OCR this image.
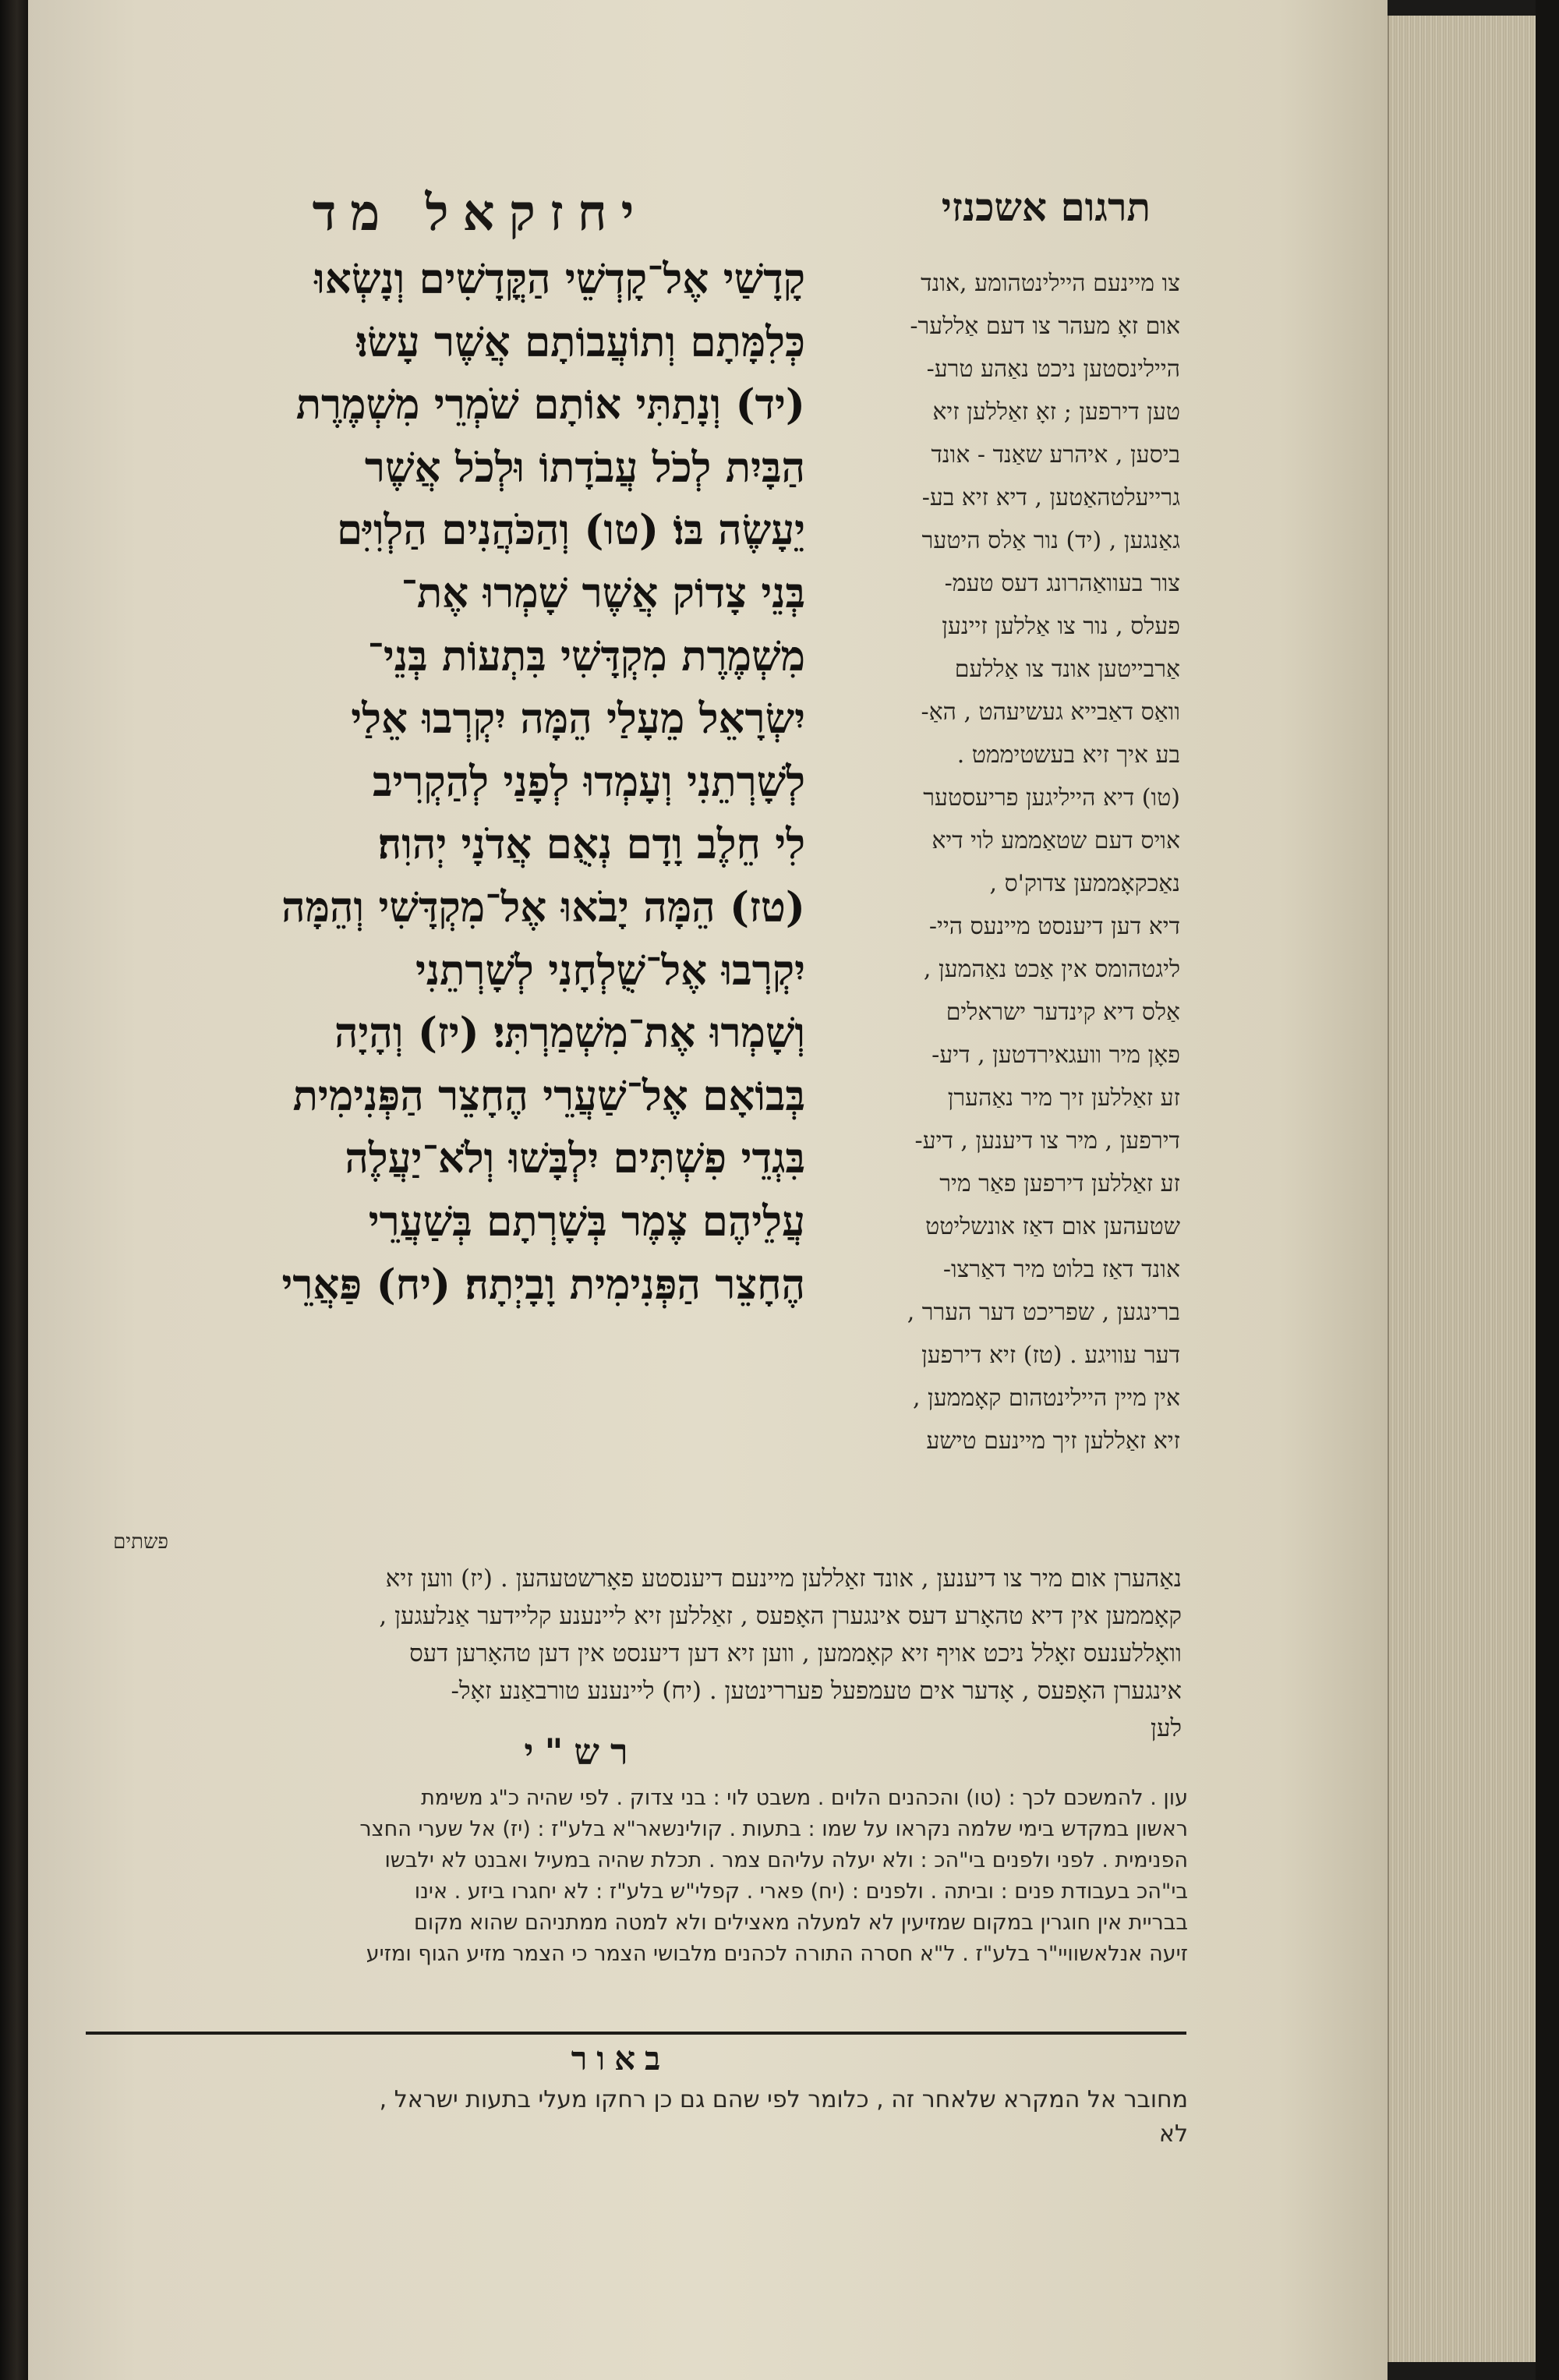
תרגום אשכנזי
יחזקאל מד
קָדָשַׁי אֶל־קָדְשֵׁי הַקֳּדָשִׁים וְנָשְׂאוּ
כְּלִמָּתָם וְתוֹעֲבוֹתָם אֲשֶׁר עָשׂוּ׃
(יד) וְנָתַתִּי אוֹתָם שֹׁמְרֵי מִשְׁמֶרֶת
הַבָּיִת לְכֹל עֲבֹדָתוֹ וּלְכֹל אֲשֶׁר
יֵעָשֶׂה בּוֹ׃ (טו) וְהַכֹּהֲנִים הַלְוִיִּם
בְּנֵי צָדוֹק אֲשֶׁר שָׁמְרוּ אֶת־
מִשְׁמֶרֶת מִקְדָּשִׁי בִּתְעוֹת בְּנֵי־
יִשְׂרָאֵל מֵעָלַי הֵמָּה יִקְרְבוּ אֵלַי
לְשָׁרְתֵנִי וְעָמְדוּ לְפָנַי לְהַקְרִיב
לִי חֵלֶב וָדָם נְאֻם אֲדֹנָי יְהוִה׃
(טז) הֵמָּה יָבֹאוּ אֶל־מִקְדָּשִׁי וְהֵמָּה
יִקְרְבוּ אֶל־שֻׁלְחָנִי לְשָׁרְתֵנִי
וְשָׁמְרוּ אֶת־מִשְׁמַרְתִּי׃ (יז) וְהָיָה
בְּבוֹאָם אֶל־שַׁעֲרֵי הֶחָצֵר הַפְּנִימִית
בִּגְדֵי פִשְׁתִּים יִלְבָּשׁוּ וְלֹא־יַעֲלֶה
עֲלֵיהֶם צֶמֶר בְּשָׁרְתָם בְּשַׁעֲרֵי
הֶחָצֵר הַפְּנִימִית וָבָיְתָה׃ (יח) פַּאֲרֵי
צו מיינעם היילינטהומע ,אונד
אום זאָ מעהר צו דעם אַללער-
היילינסטען ניכט נאַהע טרע-
טען דירפען ; זאָ זאַללען זיא
ביסען , איהרע שאַנד - אונד
גרייעלטהאַטען , דיא זיא בע-
גאַנגען , (יד) נור אַלס היטער
צור בעוואַהרונג דעס טעמ-
פעלס , נור צו אַללען זיינען
אַרבייטען אונד צו אַללעם
וואַס דאַבייא געשיעהט , האַ-
בע איך זיא בעשטיממט .
(טו) דיא הייליגען פריעסטער
אויס דעם שטאַממע לוי דיא
נאַכקאָממען צדוק'ס ,
דיא דען דיענסט מיינעס היי-
ליגטהומס אין אַכט נאַהמען ,
אַלס דיא קינדער ישראלים
פאָן מיר וועגאירדטען , דיע-
זע זאַללען זיך מיר נאַהערן
דירפען , מיר צו דיענען , דיע-
זע זאַללען דירפען פאַר מיר
שטעהען אום דאַז אונשליטט
אונד דאַז בלוט מיר דאַרצו-
ברינגען , שפריכט דער הערר ,
דער עוויגע . (טז) זיא דירפען
אין מיין היילינטהום קאָממען ,
זיא זאַללען זיך מיינעם טישע
פשתים
נאַהערן אום מיר צו דיענען , אונד זאַללען מיינעם דיענסטע פאָרשטעהען . (יז) ווען זיא
קאָממען אין דיא טהאָרע דעס אינגערן האָפעס , זאַללען זיא ליינענע קליידער אַנלעגען ,
וואָללענעס זאָלל ניכט אויף זיא קאָממען , ווען זיא דען דיענסט אין דען טהאָרען דעס
אינגערן האָפעס , אָדער אים טעמפעל פעררינטען . (יח) ליינענע טורבאַנע זאָל-
לען
רש"י
עון . להמשכם לכך : (טו) והכהנים הלוים . משבט לוי : בני צדוק . לפי שהיה כ"ג משימת
ראשון במקדש בימי שלמה נקראו על שמו : בתעות . קולינשאר"א בלע"ז : (יז) אל שערי החצר
הפנימית . לפני ולפנים בי"הכ : ולא יעלה עליהם צמר . תכלת שהיה במעיל ואבנט לא ילבשו
בי"הכ בעבודת פנים : וביתה . ולפנים : (יח) פארי . קפלי"ש בלע"ז : לא יחגרו ביזע . אינו
בבריית אין חוגרין במקום שמזיעין לא למעלה מאצילים ולא למטה ממתניהם שהוא מקום
זיעה אנלאשוויי"ר בלע"ז . ל"א חסרה התורה לכהנים מלבושי הצמר כי הצמר מזיע הגוף ומזיע
באור
מחובר אל המקרא שלאחר זה , כלומר לפי שהם גם כן רחקו מעלי בתעות ישראל ,
לא
